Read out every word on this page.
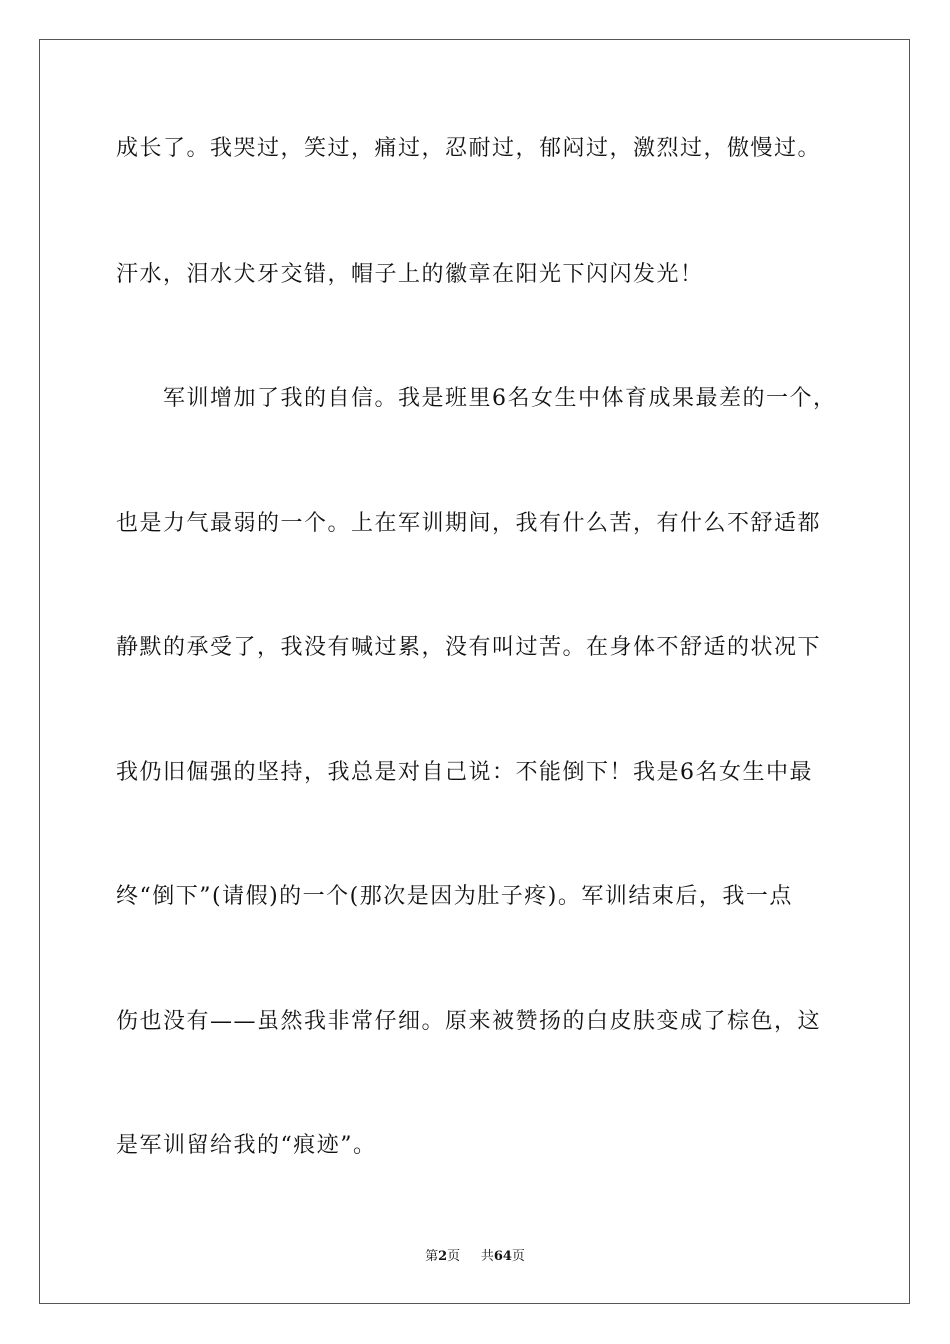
成长了。我哭过，笑过，痛过，忍耐过，郁闷过，激烈过，傲慢过。
汗水，泪水犬牙交错，帽子上的徽章在阳光下闪闪发光！
军训增加了我的自信。我是班里6名女生中体育成果最差的一个，
也是力气最弱的一个。上在军训期间，我有什么苦，有什么不舒适都
静默的承受了，我没有喊过累，没有叫过苦。在身体不舒适的状况下
我仍旧倔强的坚持，我总是对自己说：不能倒下！我是6名女生中最
终“倒下”(请假)的一个(那次是因为肚子疼)。军训结束后，我一点
伤也没有——虽然我非常仔细。原来被赞扬的白皮肤变成了棕色，这
是军训留给我的“痕迹”。
第2页 共64页
